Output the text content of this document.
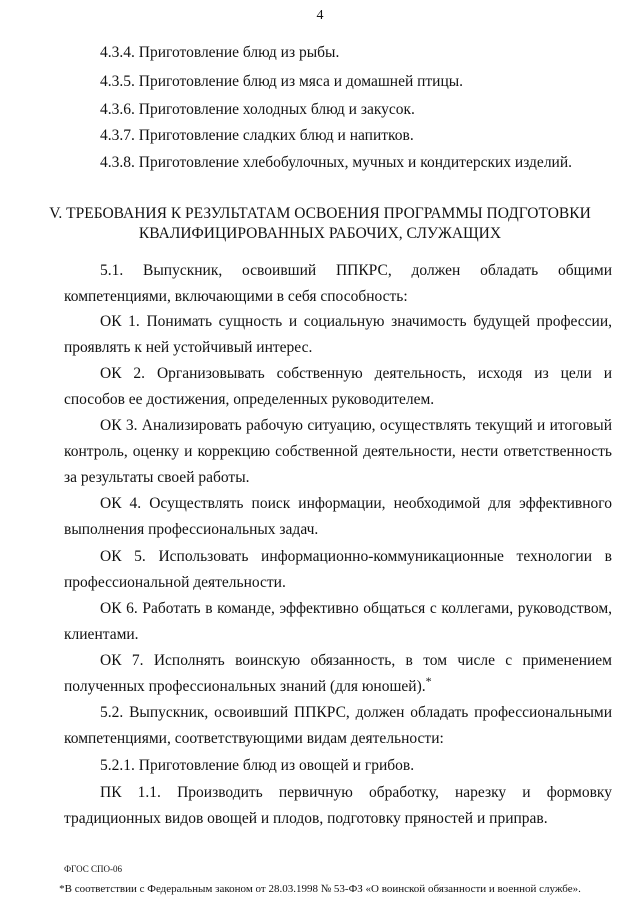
4
4.3.4. Приготовление блюд из рыбы.
4.3.5. Приготовление блюд из мяса и домашней птицы.
4.3.6. Приготовление холодных блюд и закусок.
4.3.7. Приготовление сладких блюд и напитков.
4.3.8. Приготовление хлебобулочных, мучных и кондитерских изделий.
V. ТРЕБОВАНИЯ К РЕЗУЛЬТАТАМ ОСВОЕНИЯ ПРОГРАММЫ ПОДГОТОВКИ
КВАЛИФИЦИРОВАННЫХ РАБОЧИХ, СЛУЖАЩИХ
5.1. Выпускник, освоивший ППКРС, должен обладать общими компетенциями, включающими в себя способность:
ОК 1. Понимать сущность и социальную значимость будущей профессии, проявлять к ней устойчивый интерес.
ОК 2. Организовывать собственную деятельность, исходя из цели и способов ее достижения, определенных руководителем.
ОК 3. Анализировать рабочую ситуацию, осуществлять текущий и итоговый контроль, оценку и коррекцию собственной деятельности, нести ответственность за результаты своей работы.
ОК 4. Осуществлять поиск информации, необходимой для эффективного выполнения профессиональных задач.
ОК 5. Использовать информационно-коммуникационные технологии в профессиональной деятельности.
ОК 6. Работать в команде, эффективно общаться с коллегами, руководством, клиентами.
ОК 7. Исполнять воинскую обязанность, в том числе с применением полученных профессиональных знаний (для юношей).*
5.2. Выпускник, освоивший ППКРС, должен обладать профессиональными компетенциями, соответствующими видам деятельности:
5.2.1. Приготовление блюд из овощей и грибов.
ПК 1.1. Производить первичную обработку, нарезку и формовку традиционных видов овощей и плодов, подготовку пряностей и приправ.
ФГОС СПО-06
*В соответствии с Федеральным законом от 28.03.1998 № 53-ФЗ «О воинской обязанности и военной службе».
